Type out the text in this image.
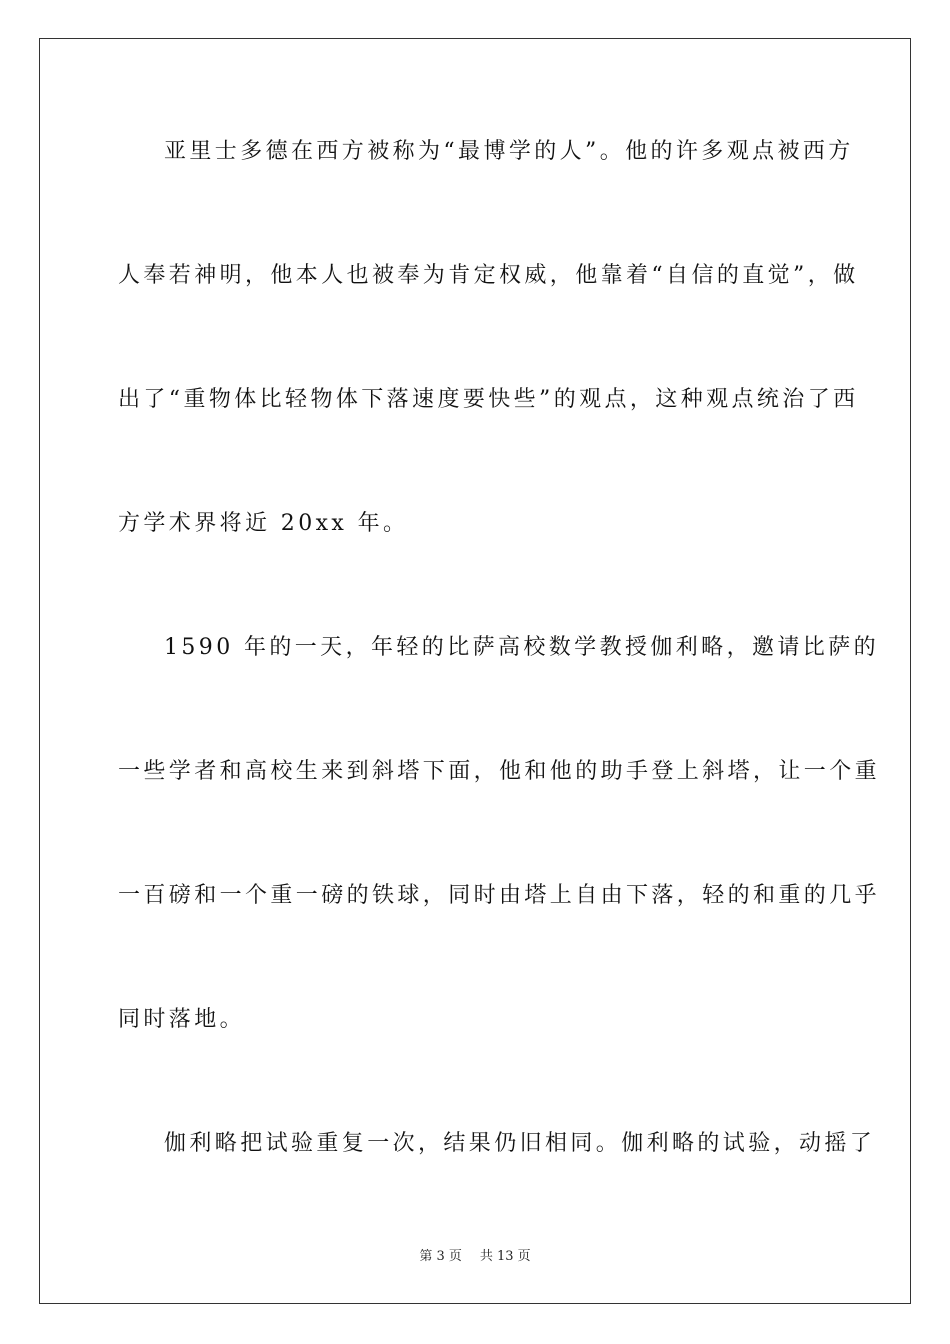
亚里士多德在西方被称为“最博学的人”。他的许多观点被西方
人奉若神明，他本人也被奉为肯定权威，他靠着“自信的直觉”，做
出了“重物体比轻物体下落速度要快些”的观点，这种观点统治了西
方学术界将近 20xx 年。
1590 年的一天，年轻的比萨高校数学教授伽利略，邀请比萨的
一些学者和高校生来到斜塔下面，他和他的助手登上斜塔，让一个重
一百磅和一个重一磅的铁球，同时由塔上自由下落，轻的和重的几乎
同时落地。
伽利略把试验重复一次，结果仍旧相同。伽利略的试验，动摇了
第 3 页 共 13 页
